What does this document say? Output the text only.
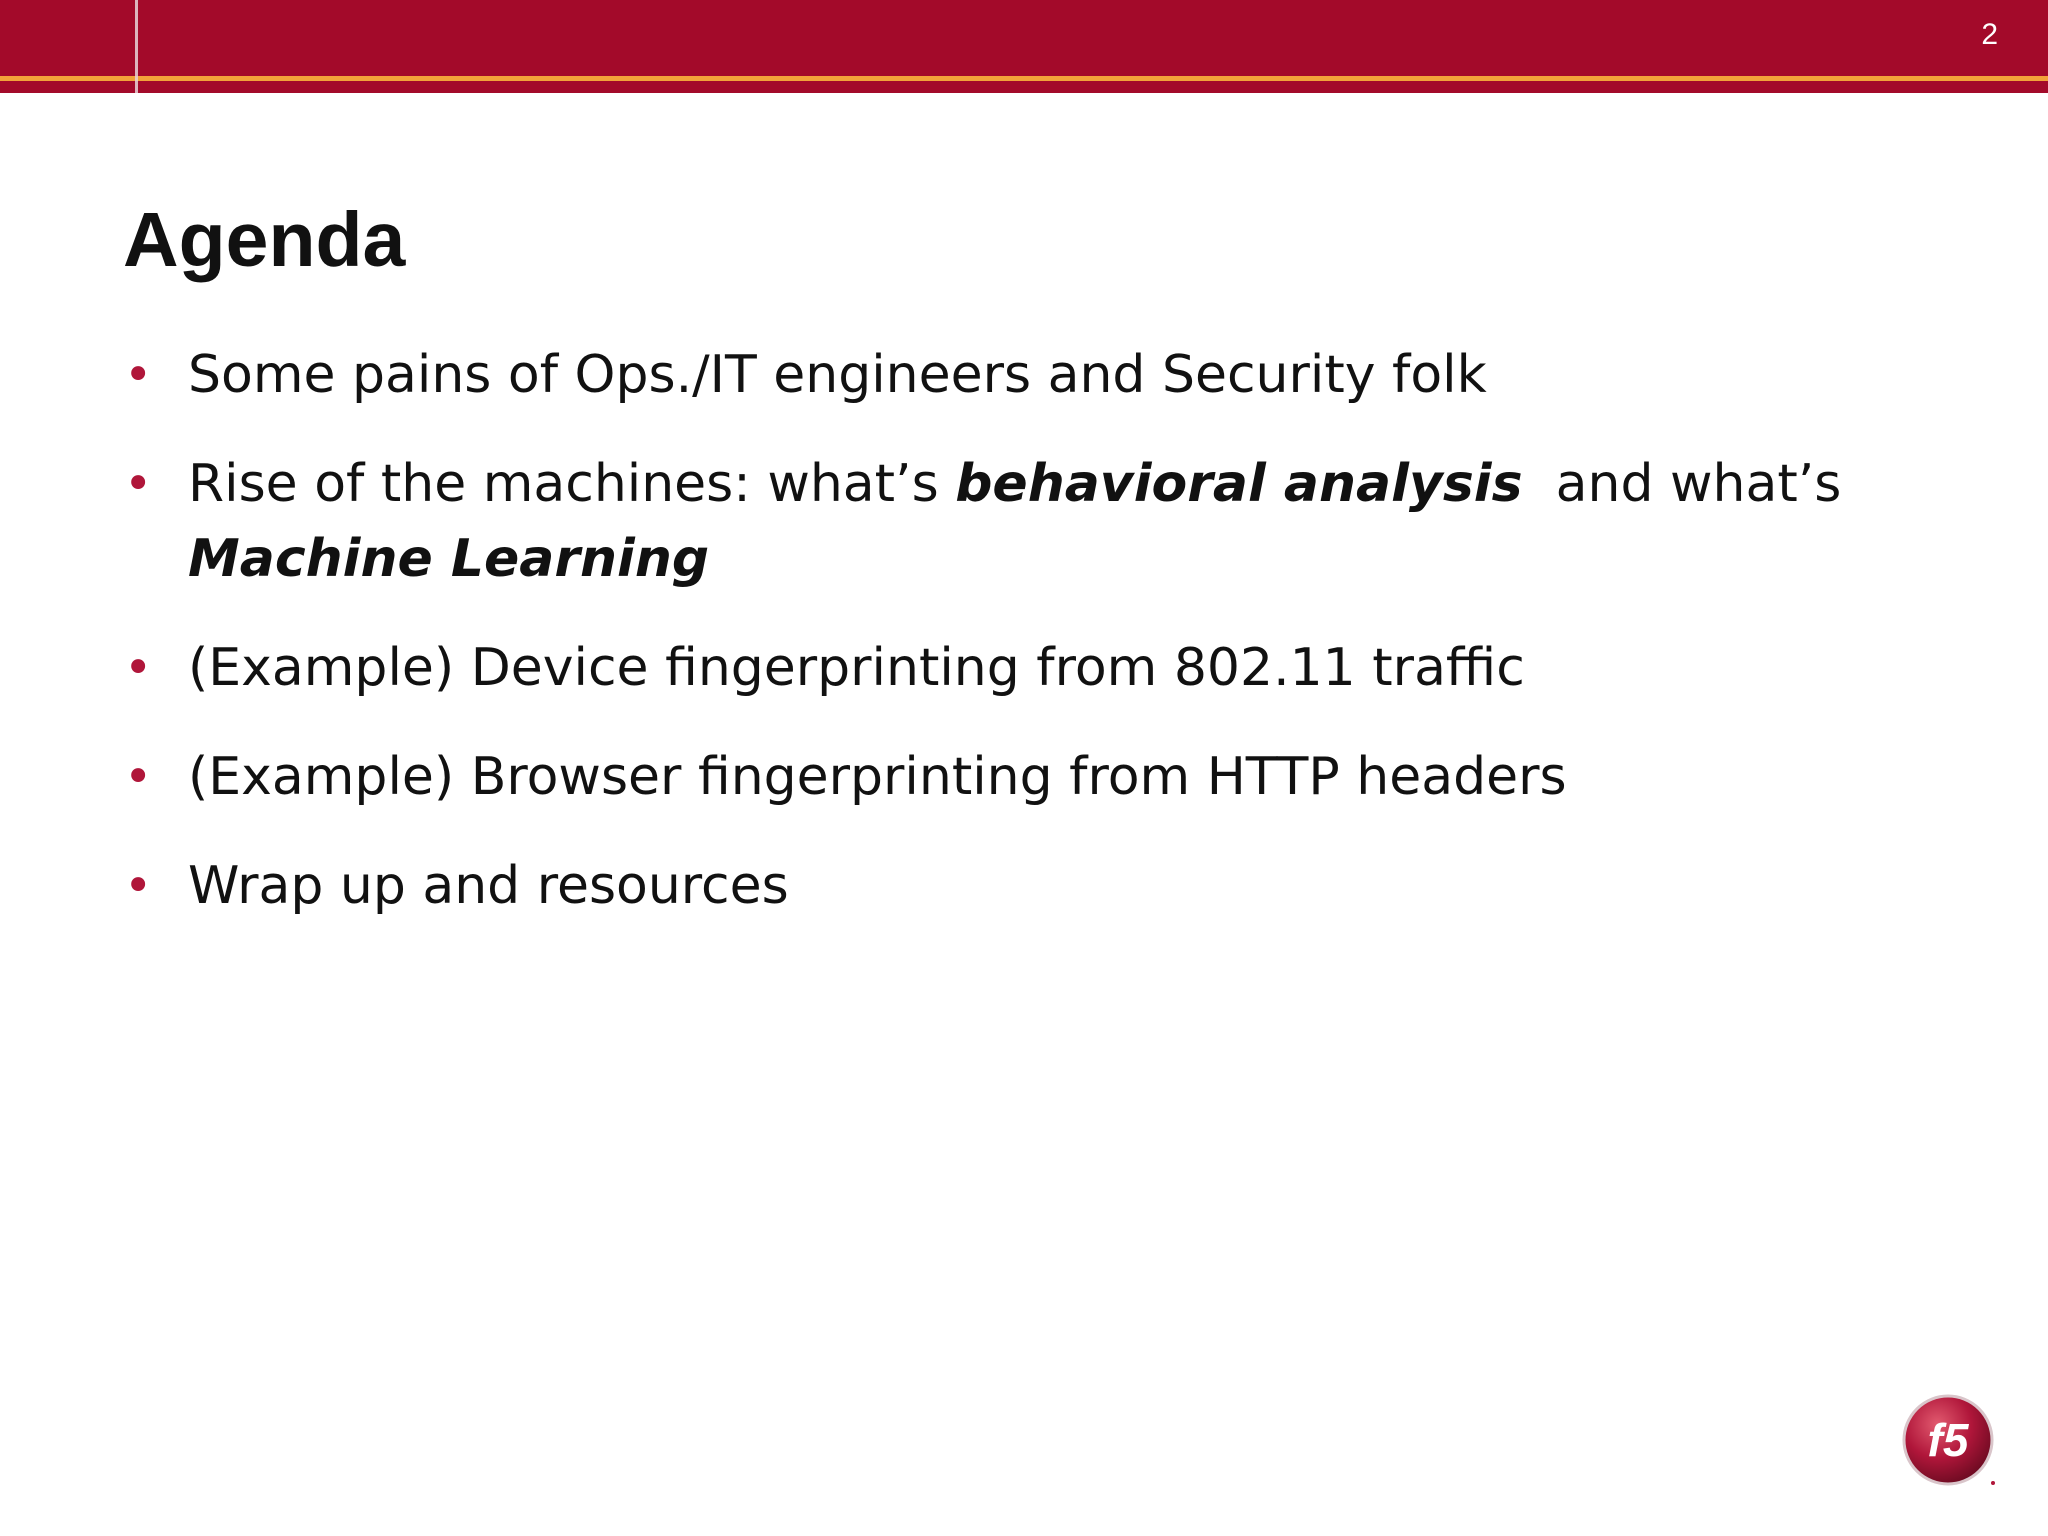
2
Agenda
• Some pains of Ops./IT engineers and Security folk
• Rise of the machines: what’s behavioral analysis  and what’s
Machine Learning
• (Example) Device fingerprinting from 802.11 traffic
• (Example) Browser fingerprinting from HTTP headers
• Wrap up and resources
f5
